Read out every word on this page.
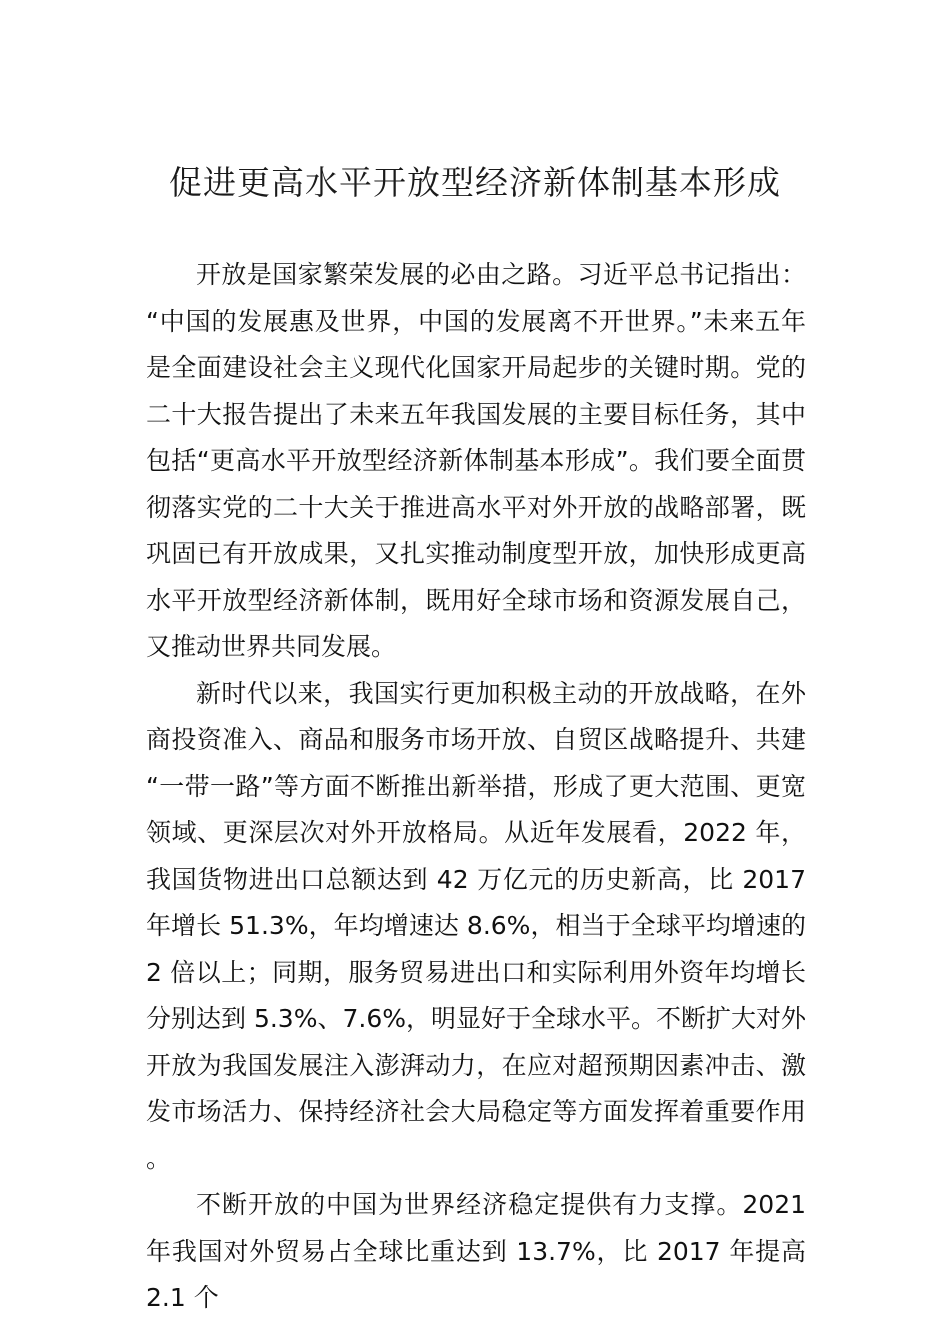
促进更高水平开放型经济新体制基本形成

开放是国家繁荣发展的必由之路。习近平总书记指出：“中国的发展惠及世界，中国的发展离不开世界。”未来五年是全面建设社会主义现代化国家开局起步的关键时期。党的二十大报告提出了未来五年我国发展的主要目标任务，其中包括“更高水平开放型经济新体制基本形成”。我们要全面贯彻落实党的二十大关于推进高水平对外开放的战略部署，既巩固已有开放成果，又扎实推动制度型开放，加快形成更高水平开放型经济新体制，既用好全球市场和资源发展自己，又推动世界共同发展。

新时代以来，我国实行更加积极主动的开放战略，在外商投资准入、商品和服务市场开放、自贸区战略提升、共建“一带一路”等方面不断推出新举措，形成了更大范围、更宽领域、更深层次对外开放格局。从近年发展看，2022 年，我国货物进出口总额达到 42 万亿元的历史新高，比 2017 年增长 51.3%，年均增速达 8.6%，相当于全球平均增速的 2 倍以上；同期，服务贸易进出口和实际利用外资年均增长分别达到 5.3%、7.6%，明显好于全球水平。不断扩大对外开放为我国发展注入澎湃动力，在应对超预期因素冲击、激发市场活力、保持经济社会大局稳定等方面发挥着重要作用。

不断开放的中国为世界经济稳定提供有力支撑。2021 年我国对外贸易占全球比重达到 13.7%，比 2017 年提高 2.1 个
